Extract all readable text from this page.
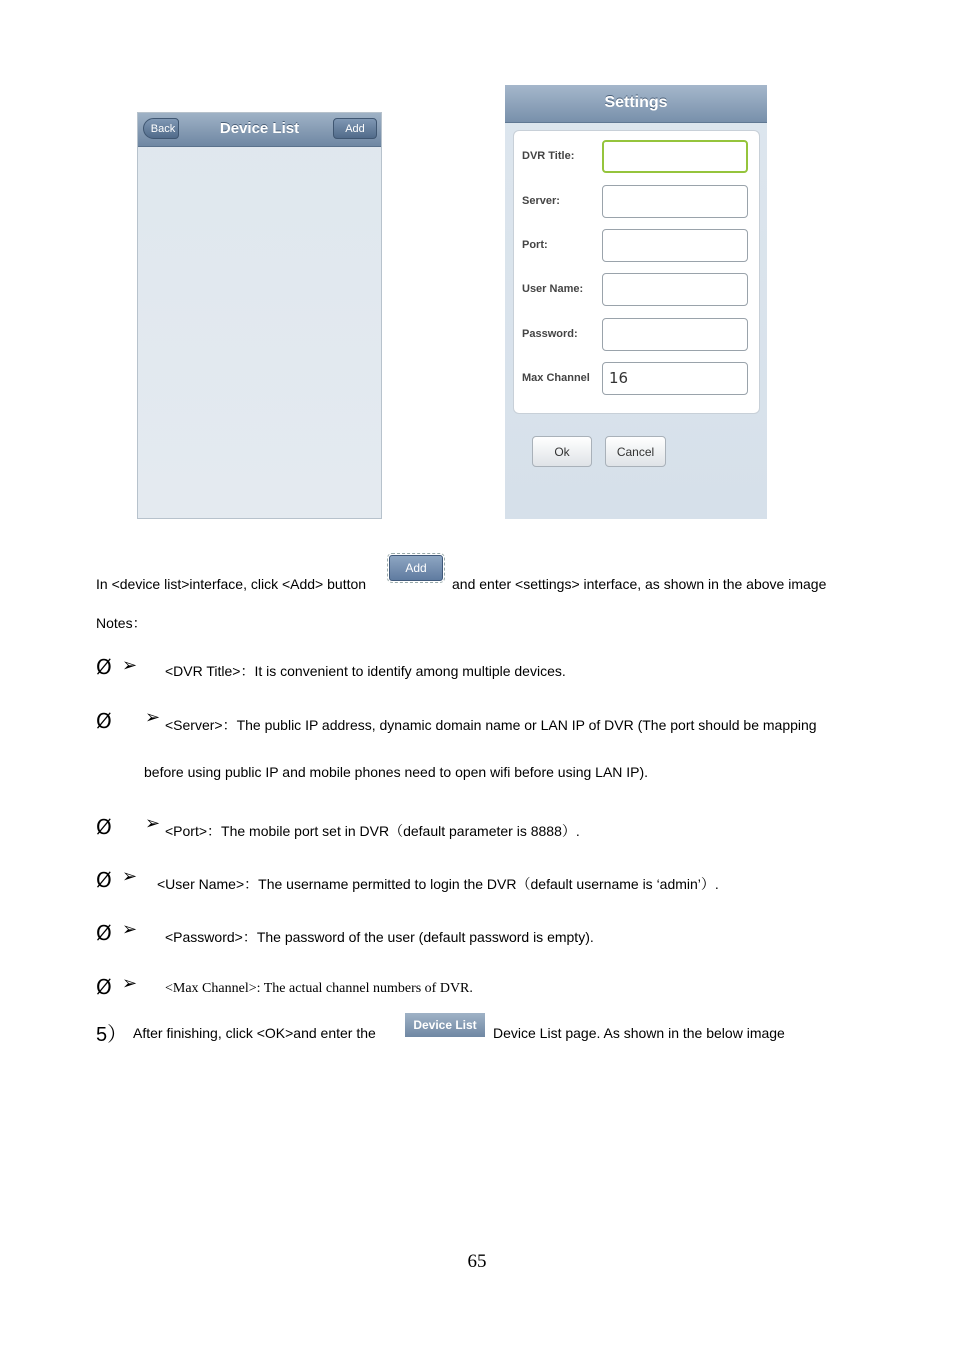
Back	Device List	Add
Settings
DVR Title:
Server:
Port:
User Name:
Password:
Max Channel	16
Ok	Cancel
In <device list>interface, click <Add> button
Add
and enter <settings> interface, as shown in the above image
Notes：
Ø ➢ <DVR Title>：It is convenient to identify among multiple devices.
Ø ➢ <Server>：The public IP address, dynamic domain name or LAN IP of DVR (The port should be mapping
before using public IP and mobile phones need to open wifi before using LAN IP).
Ø ➢ <Port>：The mobile port set in DVR（default parameter is 8888）.
Ø ➢ <User Name>：The username permitted to login the DVR（default username is ‘admin’）.
Ø ➢ <Password>：The password of the user (default password is empty).
Ø ➢ <Max Channel>: The actual channel numbers of DVR.
5） After finishing, click <OK>and enter the	Device List	Device List page. As shown in the below image
65
